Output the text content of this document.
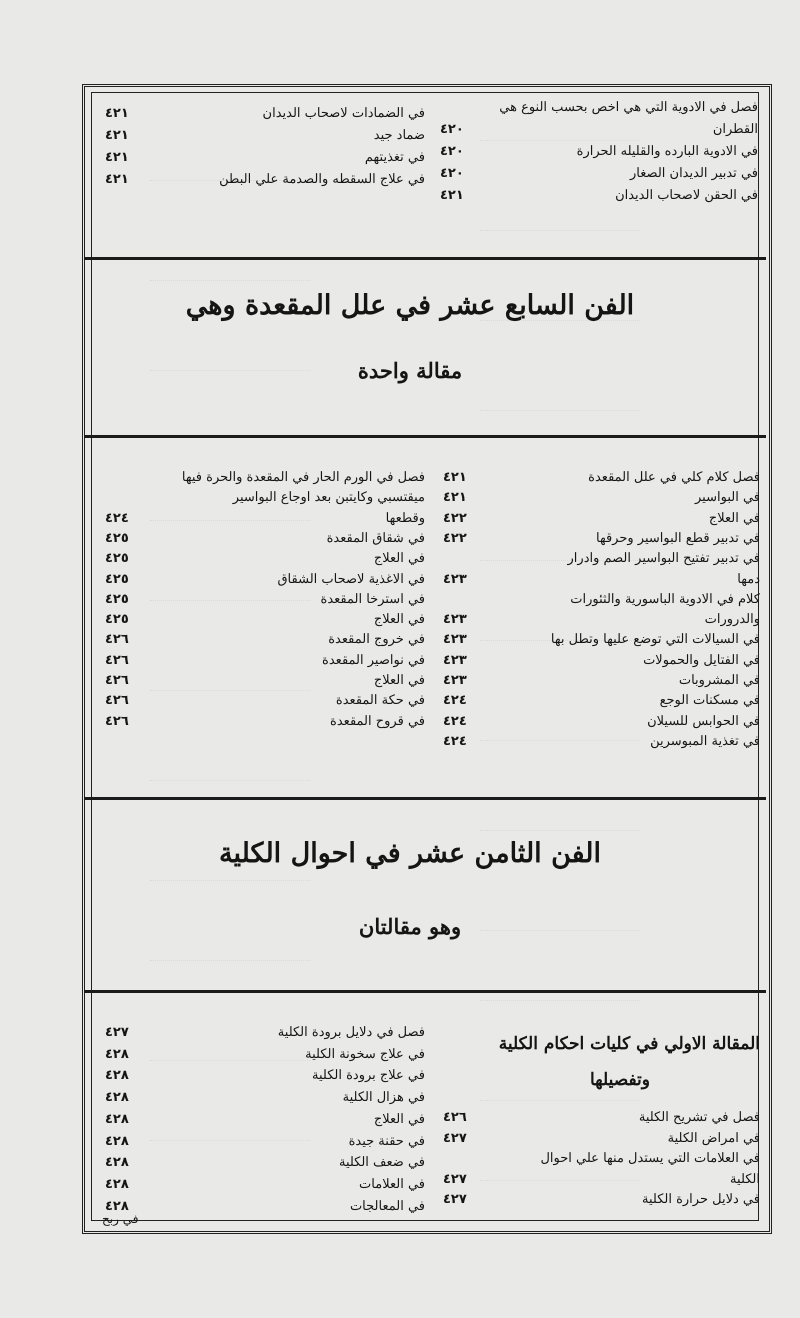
فصل في الادوية التي هي اخص بحسب النوع هي
القطران
٤٢٠
في الادوية البارده والقليله الحرارة
٤٢٠
في تدبير الديدان الصغار
٤٢٠
في الحقن لاصحاب الديدان
٤٢١
في الضمادات لاصحاب الديدان
٤٢١
ضماد جيد
٤٢١
في تغذيتهم
٤٢١
في علاج السقطه والصدمة علي البطن
٤٢١
الفن السابع عشر في علل المقعدة وهي
مقالة واحدة
فصل كلام كلي في علل المقعدة
٤٢١
في البواسير
٤٢١
في العلاج
٤٢٢
في تدبير قطع البواسير وحرقها
٤٢٢
في تدبير تفتيح البواسير الصم وادرار
دمها
٤٢٣
كلام في الادوية الباسورية والثئورات
والدرورات
٤٢٣
في السيالات التي توضع عليها وتطل بها
٤٢٣
في الفتايل والحمولات
٤٢٣
في المشروبات
٤٢٣
في مسكنات الوجع
٤٢٤
في الحوابس للسيلان
٤٢٤
في تغذية المبوسرين
٤٢٤
فصل في الورم الحار في المقعدة والحرة فيها
ميقتسبي وكايتبن بعد اوجاع البواسير
وقطعها
٤٢٤
في شقاق المقعدة
٤٢٥
في العلاج
٤٢٥
في الاغذية لاصحاب الشقاق
٤٢٥
في استرخا المقعدة
٤٢٥
في العلاج
٤٢٥
في خروج المقعدة
٤٢٦
في نواصير المقعدة
٤٢٦
في العلاج
٤٢٦
في حكة المقعدة
٤٢٦
في قروح المقعدة
٤٢٦
الفن الثامن عشر في احوال الكلية
وهو مقالتان
المقالة الاولي في كليات احكام الكلية
وتفصيلها
فصل في تشريح الكلية
٤٢٦
في امراض الكلية
٤٢٧
في العلامات التي يستدل منها علي احوال
الكلية
٤٢٧
في دلايل حرارة الكلية
٤٢٧
فصل في دلايل برودة الكلية
٤٢٧
في علاج سخونة الكلية
٤٢٨
في علاج برودة الكلية
٤٢٨
في هزال الكلية
٤٢٨
في العلاج
٤٢٨
في حقنة جيدة
٤٢٨
في ضعف الكلية
٤٢٨
في العلامات
٤٢٨
في المعالجات
٤٢٨
في ربح
